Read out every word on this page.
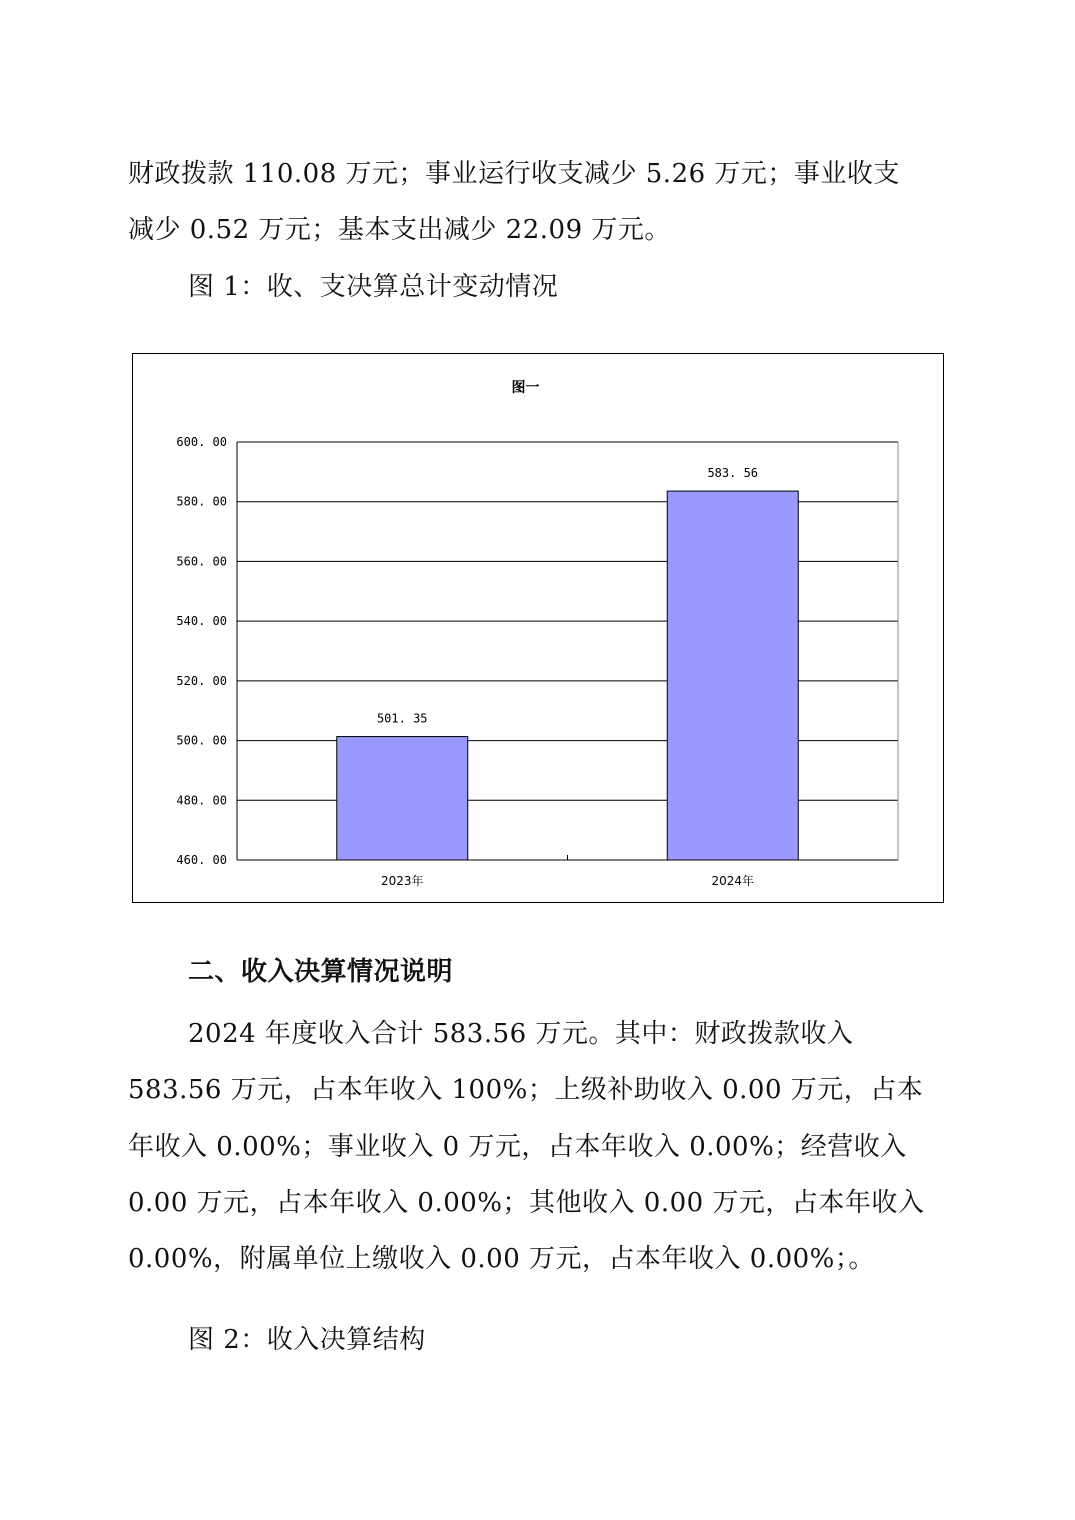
财政拨款 110.08 万元；事业运行收支减少 5.26 万元；事业收支
减少 0.52 万元；基本支出减少 22.09 万元。
图 1：收、支决算总计变动情况
图一
460. 00
480. 00
500. 00
520. 00
540. 00
560. 00
580. 00
600. 00
501. 35
2023年
583. 56
2024年
二、收入决算情况说明
2024 年度收入合计 583.56 万元。其中：财政拨款收入
583.56 万元，占本年收入 100%；上级补助收入 0.00 万元，占本
年收入 0.00%；事业收入 0 万元，占本年收入 0.00%；经营收入
0.00 万元，占本年收入 0.00%；其他收入 0.00 万元，占本年收入
0.00%，附属单位上缴收入 0.00 万元，占本年收入 0.00%；。
图 2：收入决算结构
